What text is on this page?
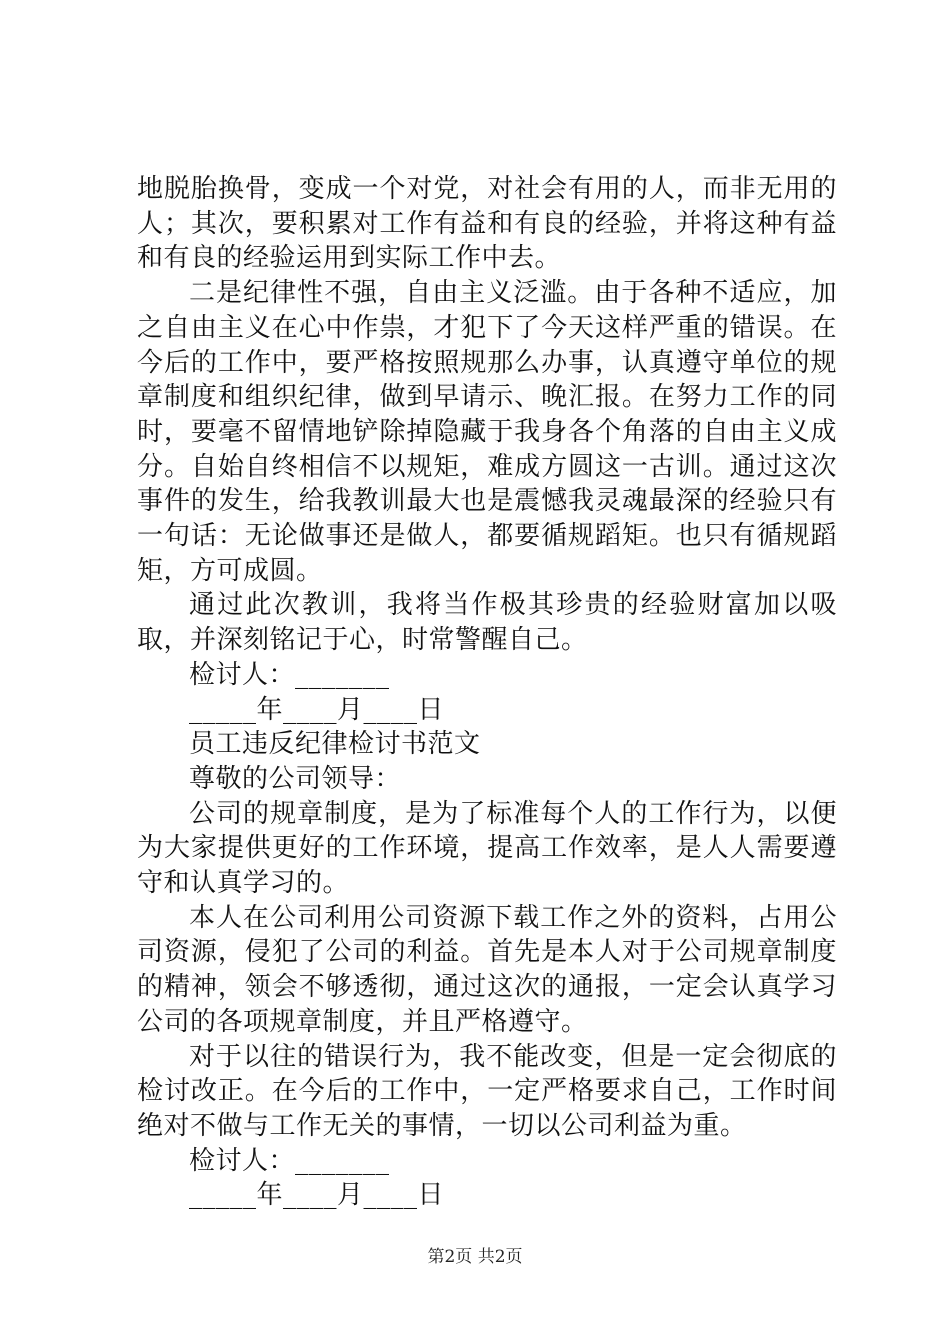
地脱胎换骨，变成一个对党，对社会有用的人，而非无用的人；其次，要积累对工作有益和有良的经验，并将这种有益和有良的经验运用到实际工作中去。

二是纪律性不强，自由主义泛滥。由于各种不适应，加之自由主义在心中作祟，才犯下了今天这样严重的错误。在今后的工作中，要严格按照规那么办事，认真遵守单位的规章制度和组织纪律，做到早请示、晚汇报。在努力工作的同时，要毫不留情地铲除掉隐藏于我身各个角落的自由主义成分。自始自终相信不以规矩，难成方圆这一古训。通过这次事件的发生，给我教训最大也是震憾我灵魂最深的经验只有一句话：无论做事还是做人，都要循规蹈矩。也只有循规蹈矩，方可成圆。

通过此次教训，我将当作极其珍贵的经验财富加以吸取，并深刻铭记于心，时常警醒自己。

检讨人：_______

_____年____月____日

员工违反纪律检讨书范文

尊敬的公司领导：

公司的规章制度，是为了标准每个人的工作行为，以便为大家提供更好的工作环境，提高工作效率，是人人需要遵守和认真学习的。

本人在公司利用公司资源下载工作之外的资料，占用公司资源，侵犯了公司的利益。首先是本人对于公司规章制度的精神，领会不够透彻，通过这次的通报，一定会认真学习公司的各项规章制度，并且严格遵守。

对于以往的错误行为，我不能改变，但是一定会彻底的检讨改正。在今后的工作中，一定严格要求自己，工作时间绝对不做与工作无关的事情，一切以公司利益为重。

检讨人：_______

_____年____月____日

第2页 共2页
